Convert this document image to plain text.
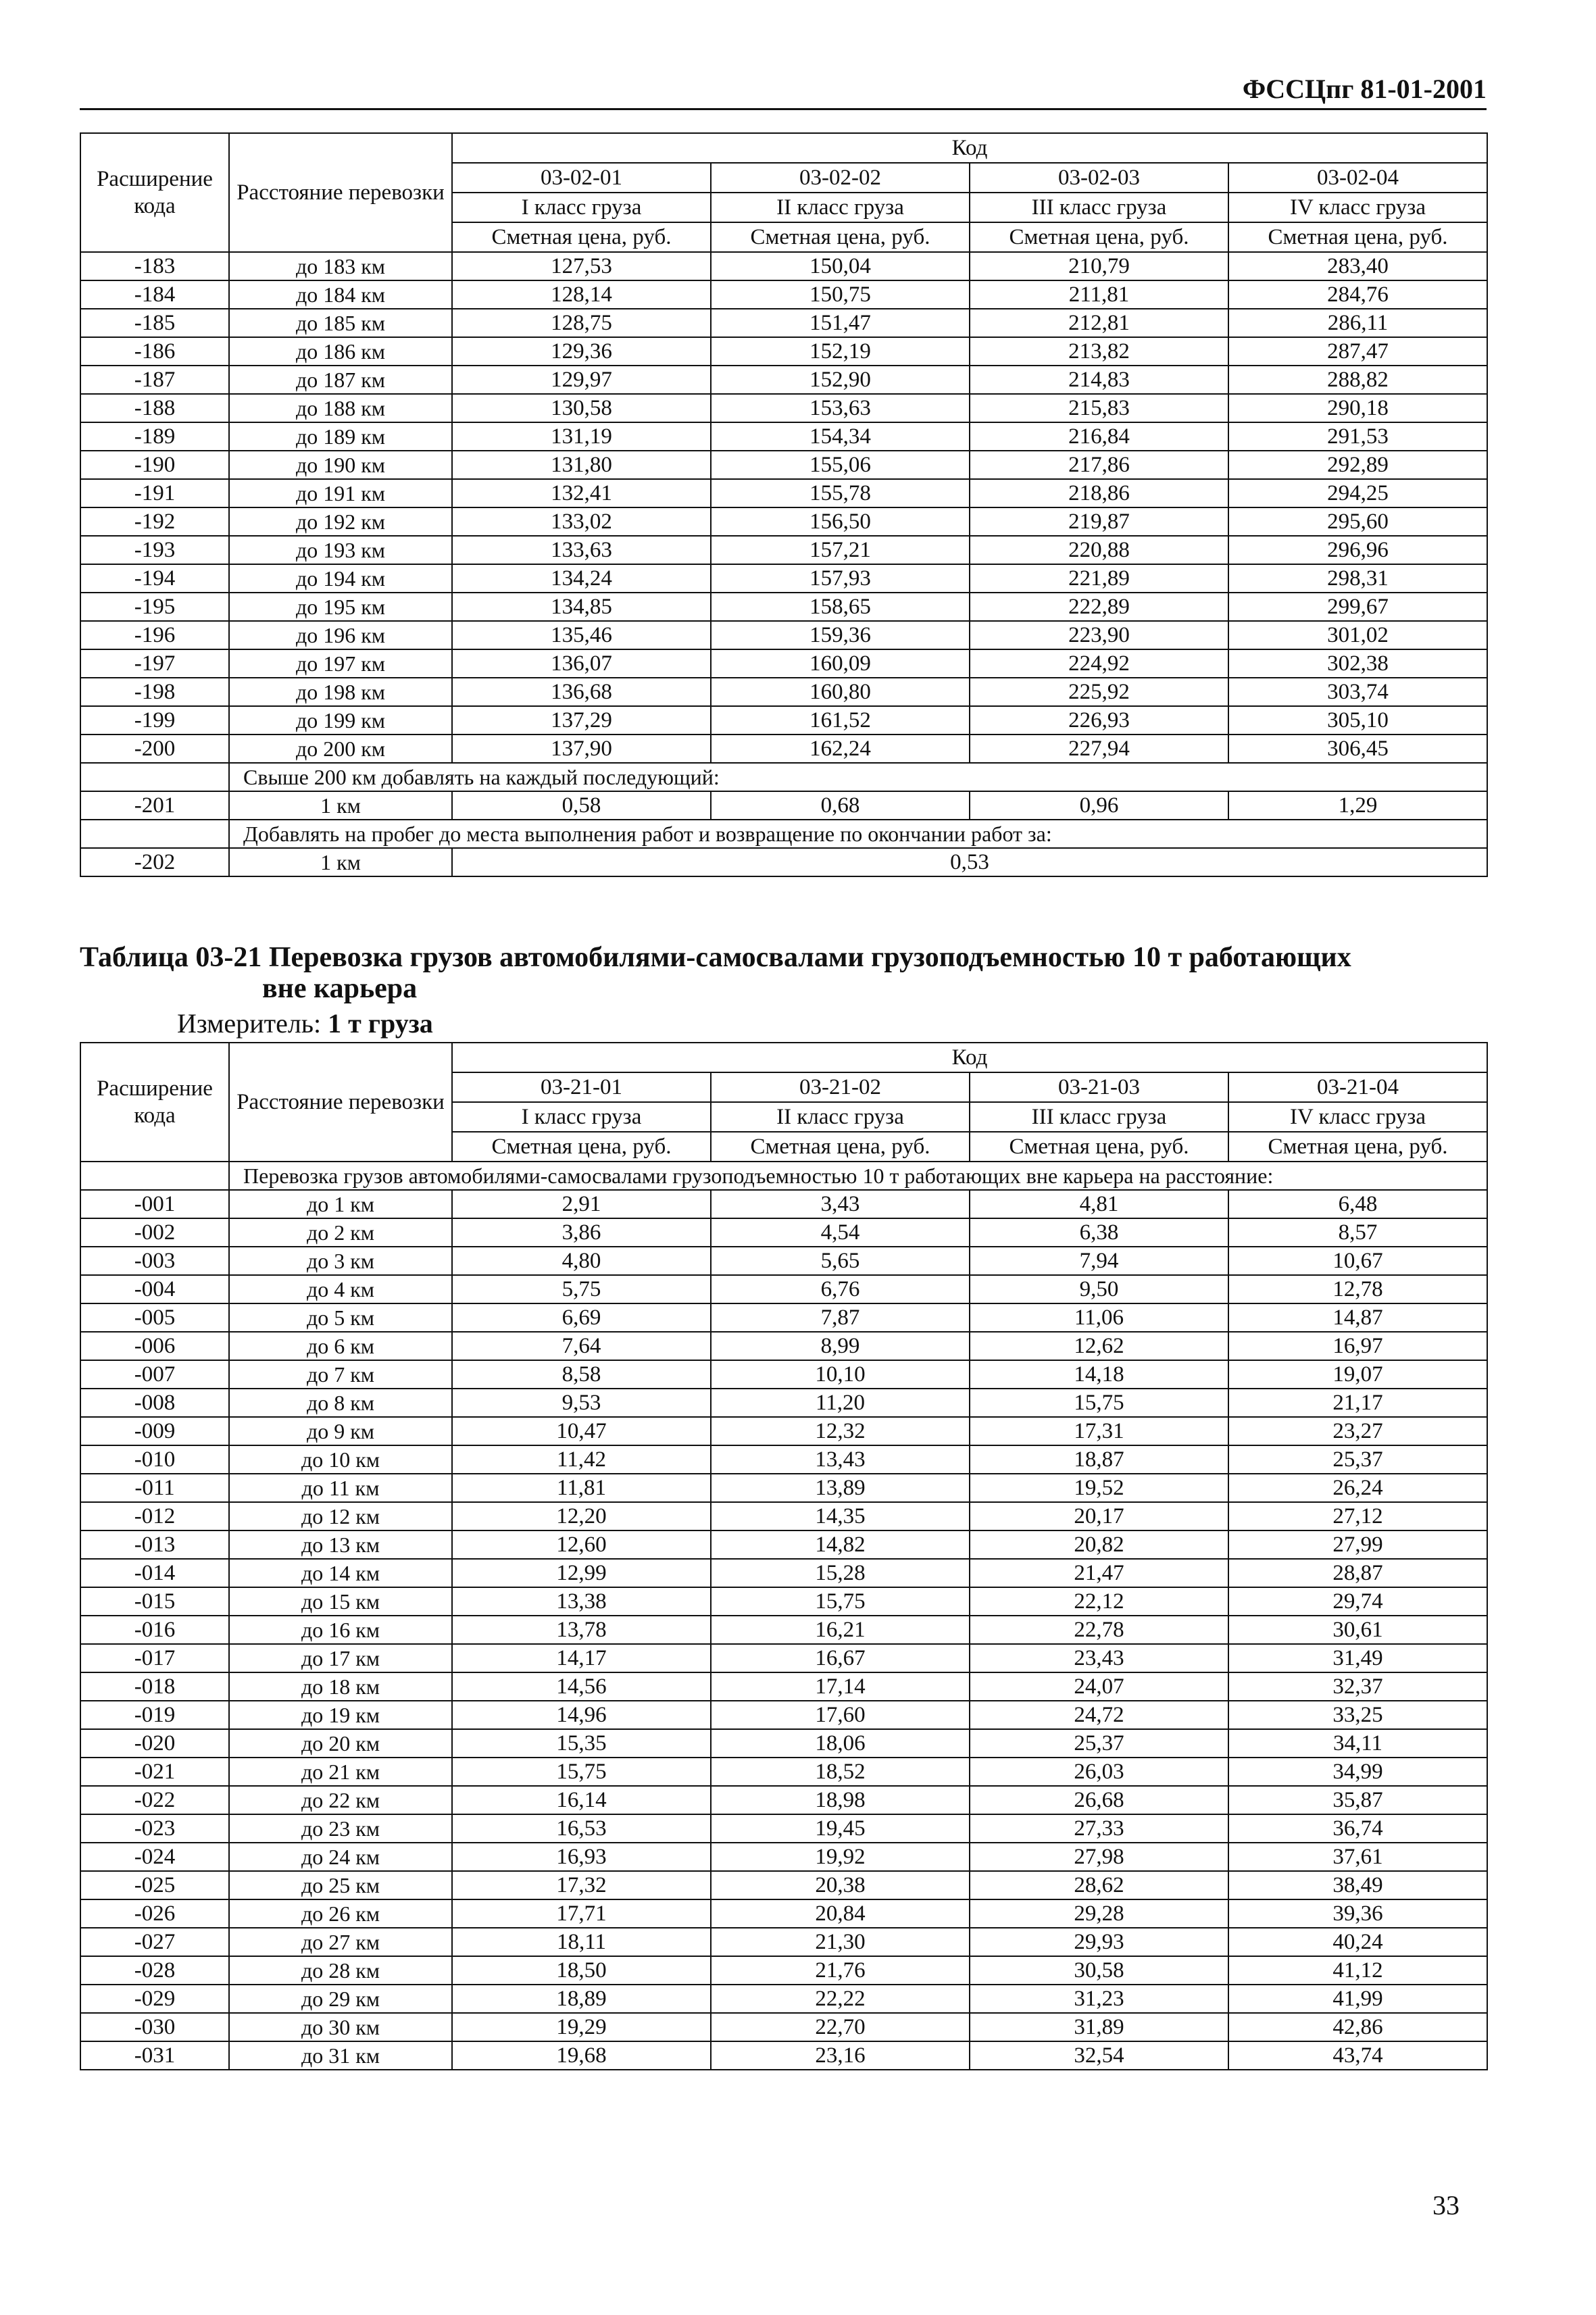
ФССЦпг 81-01-2001
Расширение кода	Расстояние перевозки	Код			
		03-02-01	03-02-02	03-02-03	03-02-04
		I класс груза	II класс груза	III класс груза	IV класс груза
		Сметная цена, руб.	Сметная цена, руб.	Сметная цена, руб.	Сметная цена, руб.
-183	до 183 км	127,53	150,04	210,79	283,40
-184	до 184 км	128,14	150,75	211,81	284,76
-185	до 185 км	128,75	151,47	212,81	286,11
-186	до 186 км	129,36	152,19	213,82	287,47
-187	до 187 км	129,97	152,90	214,83	288,82
-188	до 188 км	130,58	153,63	215,83	290,18
-189	до 189 км	131,19	154,34	216,84	291,53
-190	до 190 км	131,80	155,06	217,86	292,89
-191	до 191 км	132,41	155,78	218,86	294,25
-192	до 192 км	133,02	156,50	219,87	295,60
-193	до 193 км	133,63	157,21	220,88	296,96
-194	до 194 км	134,24	157,93	221,89	298,31
-195	до 195 км	134,85	158,65	222,89	299,67
-196	до 196 км	135,46	159,36	223,90	301,02
-197	до 197 км	136,07	160,09	224,92	302,38
-198	до 198 км	136,68	160,80	225,92	303,74
-199	до 199 км	137,29	161,52	226,93	305,10
-200	до 200 км	137,90	162,24	227,94	306,45
	Свыше 200 км добавлять на каждый последующий:				
-201	1 км	0,58	0,68	0,96	1,29
	Добавлять на пробег до места выполнения работ и возвращение по окончании работ за:				
-202	1 км	0,53			
Таблица 03-21 Перевозка грузов автомобилями-самосвалами грузоподъемностью 10 т работающих
вне карьера
Измеритель: 1 т груза
Расширение кода	Расстояние перевозки	Код			
		03-21-01	03-21-02	03-21-03	03-21-04
		I класс груза	II класс груза	III класс груза	IV класс груза
		Сметная цена, руб.	Сметная цена, руб.	Сметная цена, руб.	Сметная цена, руб.
	Перевозка грузов автомобилями-самосвалами грузоподъемностью 10 т работающих вне карьера на расстояние:				
-001	до 1 км	2,91	3,43	4,81	6,48
-002	до 2 км	3,86	4,54	6,38	8,57
-003	до 3 км	4,80	5,65	7,94	10,67
-004	до 4 км	5,75	6,76	9,50	12,78
-005	до 5 км	6,69	7,87	11,06	14,87
-006	до 6 км	7,64	8,99	12,62	16,97
-007	до 7 км	8,58	10,10	14,18	19,07
-008	до 8 км	9,53	11,20	15,75	21,17
-009	до 9 км	10,47	12,32	17,31	23,27
-010	до 10 км	11,42	13,43	18,87	25,37
-011	до 11 км	11,81	13,89	19,52	26,24
-012	до 12 км	12,20	14,35	20,17	27,12
-013	до 13 км	12,60	14,82	20,82	27,99
-014	до 14 км	12,99	15,28	21,47	28,87
-015	до 15 км	13,38	15,75	22,12	29,74
-016	до 16 км	13,78	16,21	22,78	30,61
-017	до 17 км	14,17	16,67	23,43	31,49
-018	до 18 км	14,56	17,14	24,07	32,37
-019	до 19 км	14,96	17,60	24,72	33,25
-020	до 20 км	15,35	18,06	25,37	34,11
-021	до 21 км	15,75	18,52	26,03	34,99
-022	до 22 км	16,14	18,98	26,68	35,87
-023	до 23 км	16,53	19,45	27,33	36,74
-024	до 24 км	16,93	19,92	27,98	37,61
-025	до 25 км	17,32	20,38	28,62	38,49
-026	до 26 км	17,71	20,84	29,28	39,36
-027	до 27 км	18,11	21,30	29,93	40,24
-028	до 28 км	18,50	21,76	30,58	41,12
-029	до 29 км	18,89	22,22	31,23	41,99
-030	до 30 км	19,29	22,70	31,89	42,86
-031	до 31 км	19,68	23,16	32,54	43,74
33
